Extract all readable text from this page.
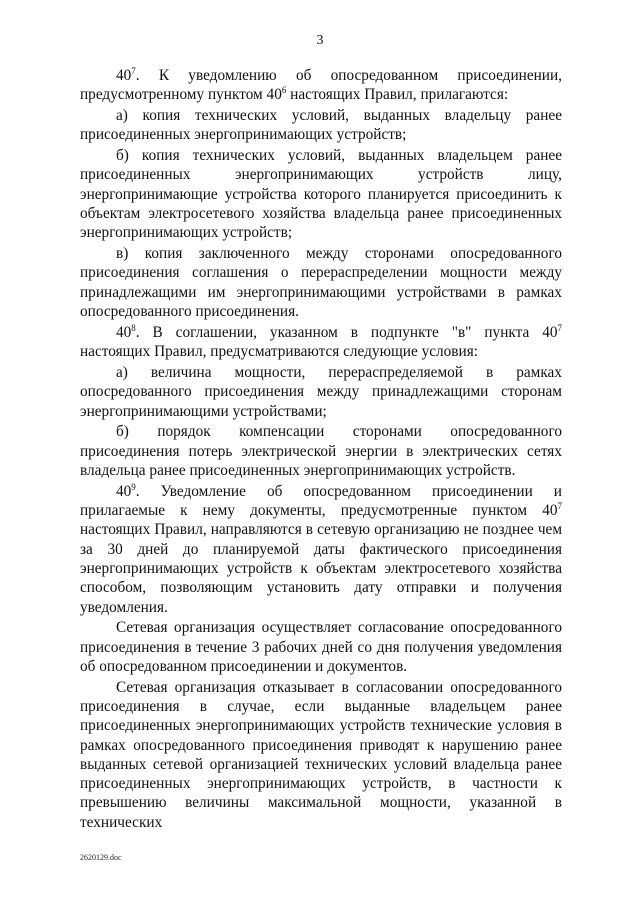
3

$40^7$. К уведомлению об опосредованном присоединении, предусмотренному пунктом $40^6$ настоящих Правил, прилагаются:

а) копия технических условий, выданных владельцу ранее присоединенных энергопринимающих устройств;

б) копия технических условий, выданных владельцем ранее присоединенных энергопринимающих устройств лицу, энергопринимающие устройства которого планируется присоединить к объектам электросетевого хозяйства владельца ранее присоединенных энергопринимающих устройств;

в) копия заключенного между сторонами опосредованного присоединения соглашения о перераспределении мощности между принадлежащими им энергопринимающими устройствами в рамках опосредованного присоединения.

$40^8$. В соглашении, указанном в подпункте "в" пункта $40^7$ настоящих Правил, предусматриваются следующие условия:

а) величина мощности, перераспределяемой в рамках опосредованного присоединения между принадлежащими сторонам энергопринимающими устройствами;

б) порядок компенсации сторонами опосредованного присоединения потерь электрической энергии в электрических сетях владельца ранее присоединенных энергопринимающих устройств.

$40^9$. Уведомление об опосредованном присоединении и прилагаемые к нему документы, предусмотренные пунктом $40^7$ настоящих Правил, направляются в сетевую организацию не позднее чем за 30 дней до планируемой даты фактического присоединения энергопринимающих устройств к объектам электросетевого хозяйства способом, позволяющим установить дату отправки и получения уведомления.

Сетевая организация осуществляет согласование опосредованного присоединения в течение 3 рабочих дней со дня получения уведомления об опосредованном присоединении и документов.

Сетевая организация отказывает в согласовании опосредованного присоединения в случае, если выданные владельцем ранее присоединенных энергопринимающих устройств технические условия в рамках опосредованного присоединения приводят к нарушению ранее выданных сетевой организацией технических условий владельца ранее присоединенных энергопринимающих устройств, в частности к превышению величины максимальной мощности, указанной в технических

2620129.doc
